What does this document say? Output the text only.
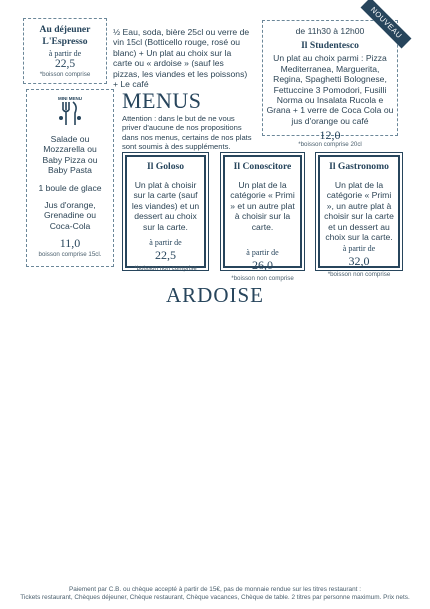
Au déjeuner
L'Espresso
à partir de
22,5
*boisson comprise
½ Eau, soda, bière 25cl ou verre de vin 15cl (Botticello rouge, rosé ou blanc) + Un plat au choix sur la carte ou « ardoise » (sauf les pizzas, les viandes et les poissons) + Le café
de 11h30 à 12h00
Il Studentesco
Un plat au choix parmi : Pizza Mediterranea, Marguerita, Regina, Spaghetti Bolognese, Fettuccine 3 Pomodori, Fusilli Norma ou Insalata Rucola e Grana + 1 verre de Coca Cola ou jus d'orange ou café
12,0
*boisson comprise 20cl
NOUVEAU
MINI MENU
Salade ou Mozzarella ou Baby Pizza ou Baby Pasta
1 boule de glace
Jus d'orange, Grenadine ou Coca-Cola
11,0
boisson comprise 15cl.
MENUS
Attention : dans le but de ne vous priver d'aucune de nos propositions dans nos menus, certains de nos plats sont soumis à des suppléments.
Il Goloso
Un plat à choisir sur la carte (sauf les viandes) et un dessert au choix sur la carte.
à partir de
22,5
*boisson non comprise
Il Conoscitore
Un plat de la catégorie « Primi » et un autre plat à choisir sur la carte.
à partir de
26,0
*boisson non comprise
Il Gastronomo
Un plat de la catégorie « Primi », un autre plat à choisir sur la carte et un dessert au choix sur la carte.
à partir de
32,0
*boisson non comprise
ARDOISE
Paiement par C.B. ou chèque accepté à partir de 15€, pas de monnaie rendue sur les titres restaurant :
Tickets restaurant, Chèques déjeuner, Chèque restaurant, Chèque vacances, Chèque de table. 2 titres par personne maximum. Prix nets.
